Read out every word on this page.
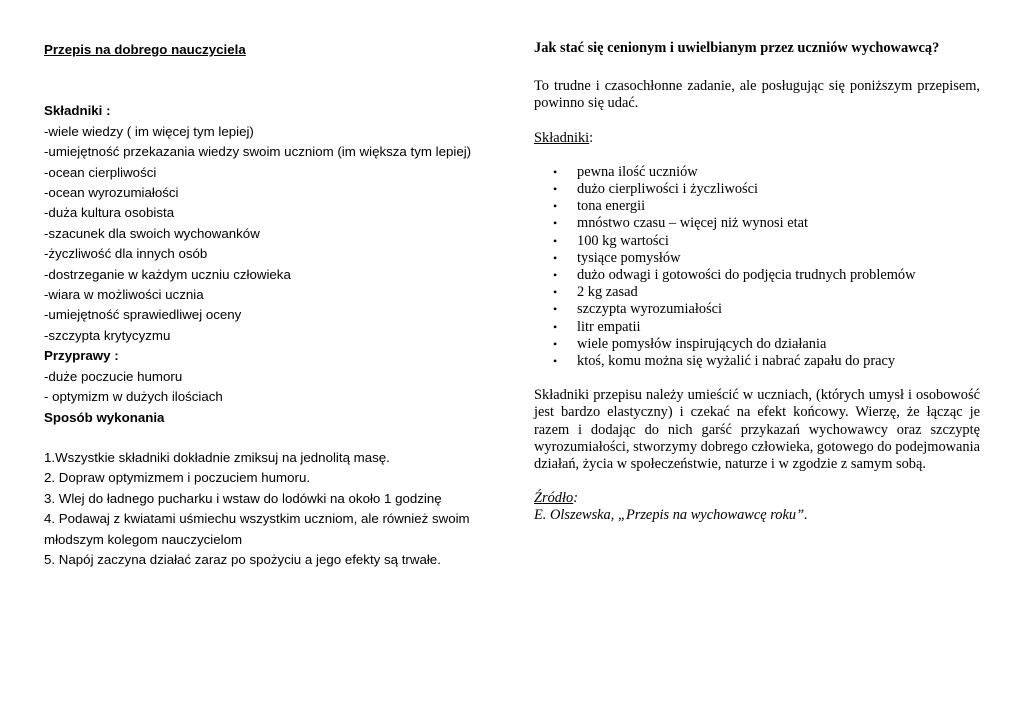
Przepis na dobrego nauczyciela
Składniki :
-wiele wiedzy ( im więcej tym lepiej)
-umiejętność przekazania wiedzy swoim uczniom (im większa tym lepiej)
-ocean cierpliwości
-ocean wyrozumiałości
-duża kultura osobista
-szacunek dla swoich wychowanków
-życzliwość dla innych osób
-dostrzeganie w każdym uczniu człowieka
-wiara w możliwości ucznia
-umiejętność sprawiedliwej oceny
-szczypta krytycyzmu
Przyprawy :
-duże poczucie humoru
- optymizm w dużych ilościach
Sposób wykonania
1.Wszystkie składniki dokładnie zmiksuj na jednolitą masę.
2. Dopraw optymizmem i poczuciem humoru.
3. Wlej do ładnego pucharku i wstaw do lodówki na około 1 godzinę
4. Podawaj z kwiatami uśmiechu wszystkim uczniom, ale również swoim
młodszym kolegom nauczycielom
5. Napój zaczyna działać zaraz po spożyciu a jego efekty są trwałe.
Jak stać się cenionym i uwielbianym przez uczniów wychowawcą?

To trudne i czasochłonne zadanie, ale posługując się poniższym przepisem, powinno się udać.

Składniki:
• pewna ilość uczniów
• dużo cierpliwości i życzliwości
• tona energii
• mnóstwo czasu – więcej niż wynosi etat
• 100 kg wartości
• tysiące pomysłów
• dużo odwagi i gotowości do podjęcia trudnych problemów
• 2 kg zasad
• szczypta wyrozumiałości
• litr empatii
• wiele pomysłów inspirujących do działania
• ktoś, komu można się wyżalić i nabrać zapału do pracy

Składniki przepisu należy umieścić w uczniach, (których umysł i osobowość jest bardzo elastyczny) i czekać na efekt końcowy. Wierzę, że łącząc je razem i dodając do nich garść przykazań wychowawcy oraz szczyptę wyrozumiałości, stworzymy dobrego człowieka, gotowego do podejmowania działań, życia w społeczeństwie, naturze i w zgodzie z samym sobą.

Źródło:

E. Olszewska, „Przepis na wychowawcę roku”.
